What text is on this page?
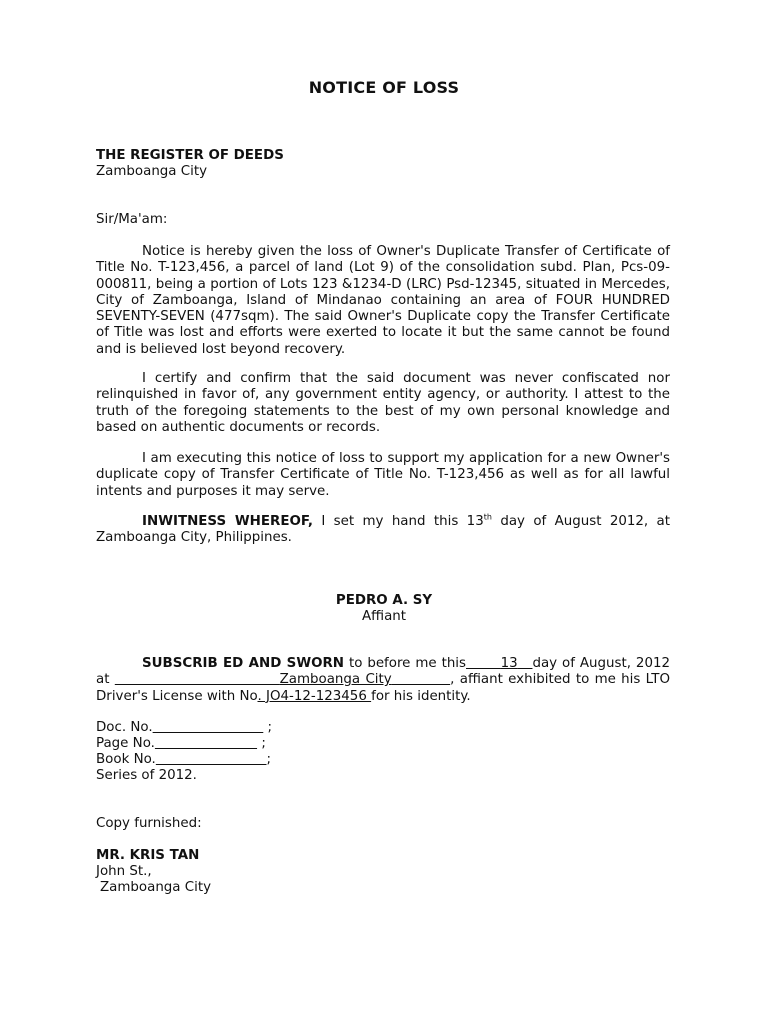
NOTICE OF LOSS
THE REGISTER OF DEEDS
Zamboanga City
Sir/Ma'am:
Notice is hereby given the loss of Owner's Duplicate Transfer of Certificate of Title No. T-123,456, a parcel of land (Lot 9) of the consolidation subd. Plan, Pcs-09-000811, being a portion of Lots 123 &1234-D (LRC) Psd-12345, situated in Mercedes, City of Zamboanga, Island of Mindanao containing an area of FOUR HUNDRED SEVENTY-SEVEN (477sqm). The said Owner's Duplicate copy the Transfer Certificate of Title was lost and efforts were exerted to locate it but the same cannot be found and is believed lost beyond recovery.
I certify and confirm that the said document was never confiscated nor relinquished in favor of, any government entity agency, or authority. I attest to the truth of the foregoing statements to the best of my own personal knowledge and based on authentic documents or records.
I am executing this notice of loss to support my application for a new Owner's duplicate copy of Transfer Certificate of Title No. T-123,456 as well as for all lawful intents and purposes it may serve.
INWITNESS WHEREOF, I set my hand this 13th day of August 2012, at Zamboanga City, Philippines.
PEDRO A. SY
Affiant
SUBSCRIB ED AND SWORN to before me this	13 day of August, 2012 at	Zamboanga City	, affiant exhibited to me his LTO Driver's License with No. JO4-12-123456 for his identity.
Doc. No.	;
Page No.	;
Book No.	;
Series of 2012.
Copy furnished:
MR. KRIS TAN
John St.,
Zamboanga City
